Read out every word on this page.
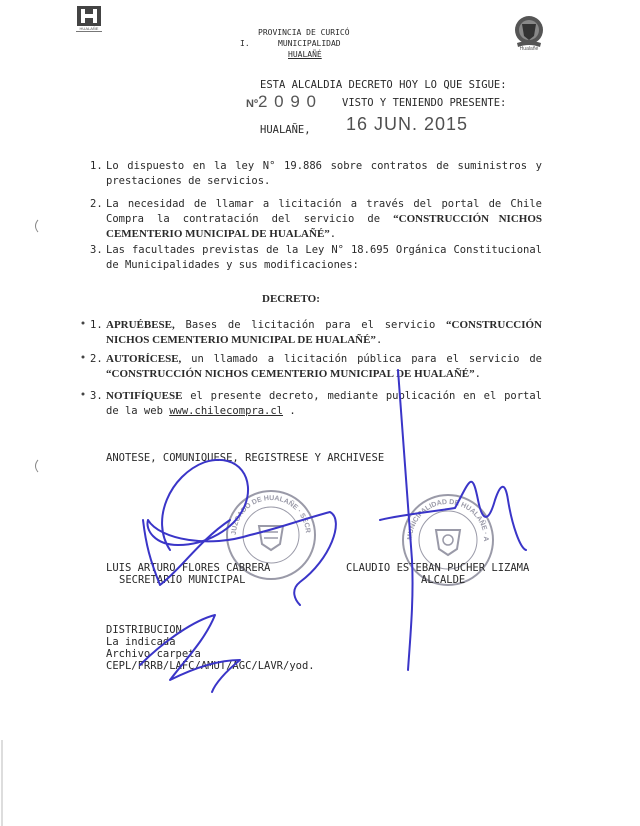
HUALAÑE
Hualañé
PROVINCIA DE CURICÓ
I.	MUNICIPALIDAD
HUALAÑÉ
ESTA ALCALDIA DECRETO HOY LO QUE SIGUE:
Nº2 0 9 0 VISTO Y TENIENDO PRESENTE:
HUALAÑE, 16 JUN. 2015
1. Lo dispuesto en la ley N° 19.886 sobre contratos de suministros y prestaciones de servicios.
2. La necesidad de llamar a licitación a través del portal de Chile Compra la contratación del servicio de “CONSTRUCCIÓN NICHOS CEMENTERIO MUNICIPAL DE HUALAÑÉ”.
3. Las facultades previstas de la Ley N° 18.695 Orgánica Constitucional de Municipalidades y sus modificaciones:
DECRETO:
1. APRUÉBESE, Bases de licitación para el servicio “CONSTRUCCIÓN NICHOS CEMENTERIO MUNICIPAL DE HUALAÑÉ”.
2. AUTORÍCESE, un llamado a licitación pública para el servicio de “CONSTRUCCIÓN NICHOS CEMENTERIO MUNICIPAL DE HUALAÑÉ”.
3. NOTIFÍQUESE el presente decreto, mediante publicación en el portal de la web www.chilecompra.cl .
ANOTESE, COMUNIQUESE, REGISTRESE Y ARCHIVESE
JUZGADO DE HUALAÑE · SECR
MUNICIPALIDAD DE HUALAÑE · A
LUIS ARTURO FLORES CABRERA
SECRETARIO MUNICIPAL
CLAUDIO ESTEBAN PUCHER LIZAMA
ALCALDE
DISTRIBUCION
La indicada
Archivo carpeta
CEPL/FRRB/LAFC/AMUT/AGC/LAVR/yod.
